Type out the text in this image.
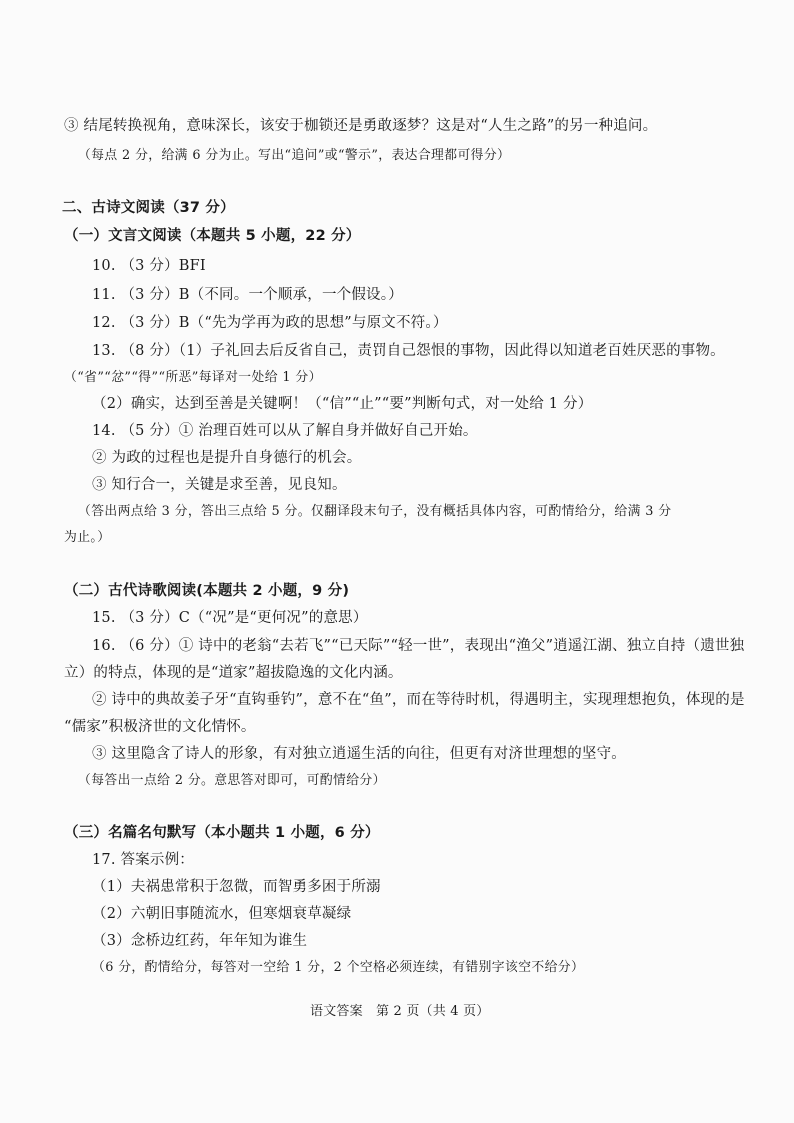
③ 结尾转换视角，意味深长，该安于枷锁还是勇敢逐梦？这是对“人生之路”的另一种追问。
（每点 2 分，给满 6 分为止。写出“追问”或“警示”，表达合理都可得分）
二、古诗文阅读（37 分）
（一）文言文阅读（本题共 5 小题，22 分）
10. （3 分）BFI
11. （3 分）B（不同。一个顺承，一个假设。）
12. （3 分）B（“先为学再为政的思想”与原文不符。）
13. （8 分）（1）子礼回去后反省自己，责罚自己怨恨的事物，因此得以知道老百姓厌恶的事物。
（“省”“忿”“得”“所恶”每译对一处给 1 分）
（2）确实，达到至善是关键啊！（“信”“止”“要”判断句式，对一处给 1 分）
14. （5 分）① 治理百姓可以从了解自身并做好自己开始。
② 为政的过程也是提升自身德行的机会。
③ 知行合一，关键是求至善，见良知。
（答出两点给 3 分，答出三点给 5 分。仅翻译段末句子，没有概括具体内容，可酌情给分，给满 3 分
为止。）
（二）古代诗歌阅读(本题共 2 小题，9 分)
15. （3 分）C（“况”是“更何况”的意思）
16. （6 分）① 诗中的老翁“去若飞”“已天际”“轻一世”，表现出“渔父”逍遥江湖、独立自持（遗世独
立）的特点，体现的是“道家”超拔隐逸的文化内涵。
② 诗中的典故姜子牙“直钩垂钓”，意不在“鱼”，而在等待时机，得遇明主，实现理想抱负，体现的是
“儒家”积极济世的文化情怀。
③ 这里隐含了诗人的形象，有对独立逍遥生活的向往，但更有对济世理想的坚守。
（每答出一点给 2 分。意思答对即可，可酌情给分）
（三）名篇名句默写（本小题共 1 小题，6 分）
17. 答案示例：
（1）夫祸患常积于忽微，而智勇多困于所溺
（2）六朝旧事随流水，但寒烟衰草凝绿
（3）念桥边红药，年年知为谁生
（6 分，酌情给分，每答对一空给 1 分，2 个空格必须连续，有错别字该空不给分）
语文答案　第 2 页（共 4 页）
